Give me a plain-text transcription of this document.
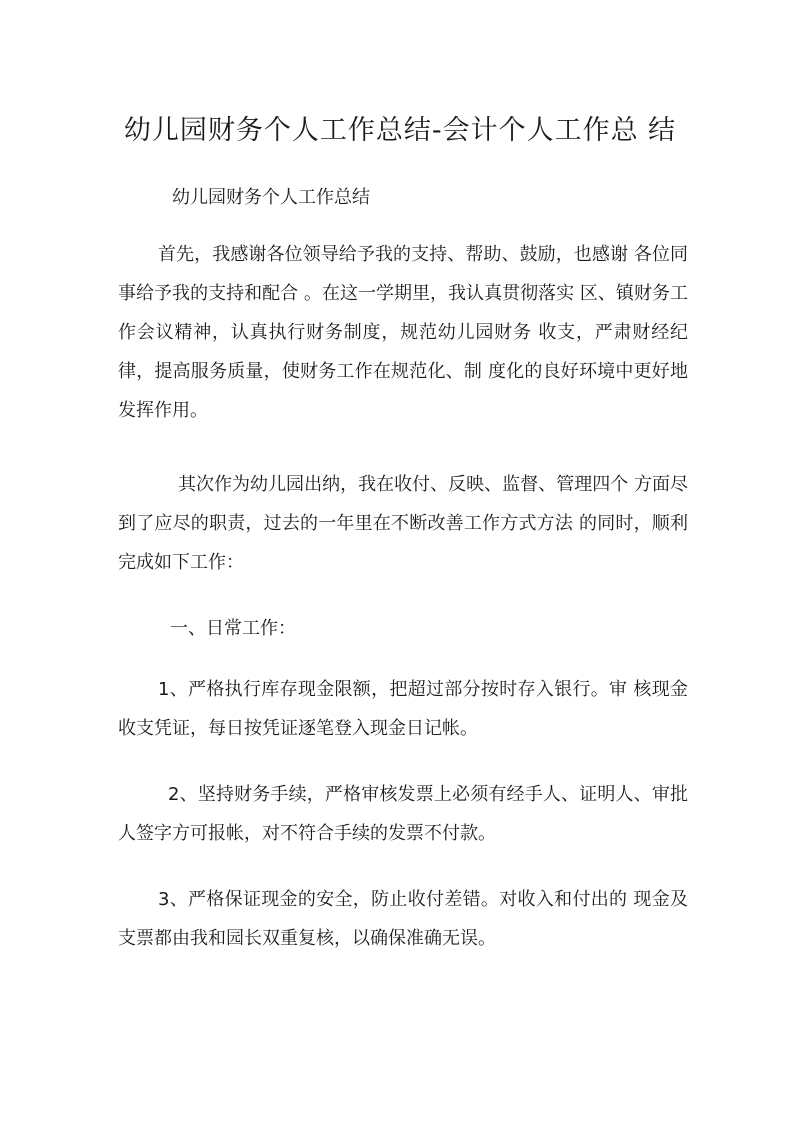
幼儿园财务个人工作总结-会计个人工作总 结
幼儿园财务个人工作总结
首先，我感谢各位领导给予我的支持、帮助、鼓励，也感谢 各位同事给予我的支持和配合 。在这一学期里，我认真贯彻落实 区、镇财务工作会议精神，认真执行财务制度，规范幼儿园财务 收支，严肃财经纪律，提高服务质量，使财务工作在规范化、制 度化的良好环境中更好地发挥作用。
其次作为幼儿园出纳，我在收付、反映、监督、管理四个 方面尽到了应尽的职责，过去的一年里在不断改善工作方式方法 的同时，顺利完成如下工作：
一、日常工作：
1、严格执行库存现金限额，把超过部分按时存入银行。审 核现金收支凭证，每日按凭证逐笔登入现金日记帐。
2、坚持财务手续，严格审核发票上必须有经手人、证明人、审批人签字方可报帐，对不符合手续的发票不付款。
3、严格保证现金的安全，防止收付差错。对收入和付出的 现金及支票都由我和园长双重复核，以确保准确无误。
